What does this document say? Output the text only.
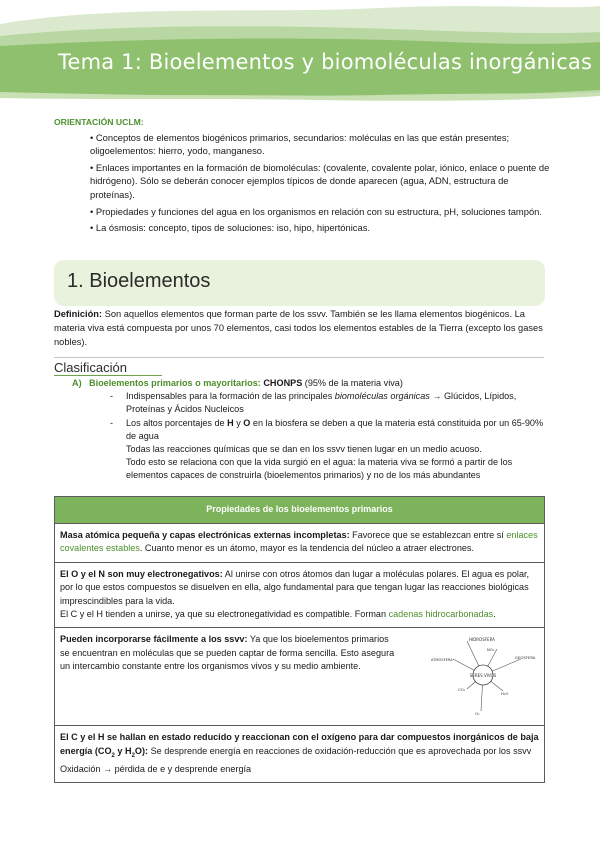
Tema 1: Bioelementos y biomoléculas inorgánicas
ORIENTACIÓN UCLM:
• Conceptos de elementos biogénicos primarios, secundarios: moléculas en las que están presentes; oligoelementos: hierro, yodo, manganeso.
• Enlaces importantes en la formación de biomoléculas: (covalente, covalente polar, iónico, enlace o puente de hidrógeno). Sólo se deberán conocer ejemplos típicos de donde aparecen (agua, ADN, estructura de proteínas).
• Propiedades y funciones del agua en los organismos en relación con su estructura, pH, soluciones tampón.
• La ósmosis: concepto, tipos de soluciones: iso, hipo, hipertónicas.
1. Bioelementos

Definición: Son aquellos elementos que forman parte de los ssvv. También se les llama elementos biogénicos. La materia viva está compuesta por unos 70 elementos, casi todos los elementos estables de la Tierra (excepto los gases nobles).

Clasificación
A) Bioelementos primarios o mayoritarios: CHONPS (95% de la materia viva)
- Indispensables para la formación de las principales biomoléculas orgánicas → Glúcidos, Lípidos, Proteínas y Ácidos Nucleicos
- Los altos porcentajes de H y O en la biosfera se deben a que la materia está constituida por un 65-90% de agua
Todas las reacciones químicas que se dan en los ssvv tienen lugar en un medio acuoso.
Todo esto se relaciona con que la vida surgió en el agua: la materia viva se formó a partir de los elementos capaces de construirla (bioelementos primarios) y no de los más abundantes
Propiedades de los bioelementos primarios
Masa atómica pequeña y capas electrónicas externas incompletas: Favorece que se establezcan entre sí enlaces covalentes estables. Cuanto menor es un átomo, mayor es la tendencia del núcleo a atraer electrones.
El O y el N son muy electronegativos: Al unirse con otros átomos dan lugar a moléculas polares. El agua es polar, por lo que estos compuestos se disuelven en ella, algo fundamental para que tengan lugar las reacciones biológicas imprescindibles para la vida.
El C y el H tienden a unirse, ya que su electronegatividad es compatible. Forman cadenas hidrocarbonadas.

Pueden incorporarse fácilmente a los ssvv: Ya que los bioelementos primarios se encuentran en moléculas que se pueden captar de forma sencilla. Esto asegura un intercambio constante entre los organismos vivos y su medio ambiente.
SERES VIVOS
HIDROSFERA
ATMÓSFERA	GEOSFERA
NO₃
CO₂
H₂O
O₂

El C y el H se hallan en estado reducido y reaccionan con el oxígeno para dar compuestos inorgánicos de baja energía ($CO_2$ y $H_2O$): Se desprende energía en reacciones de oxidación-reducción que es aprovechada por los ssvv
Oxidación → pérdida de e y desprende energía
